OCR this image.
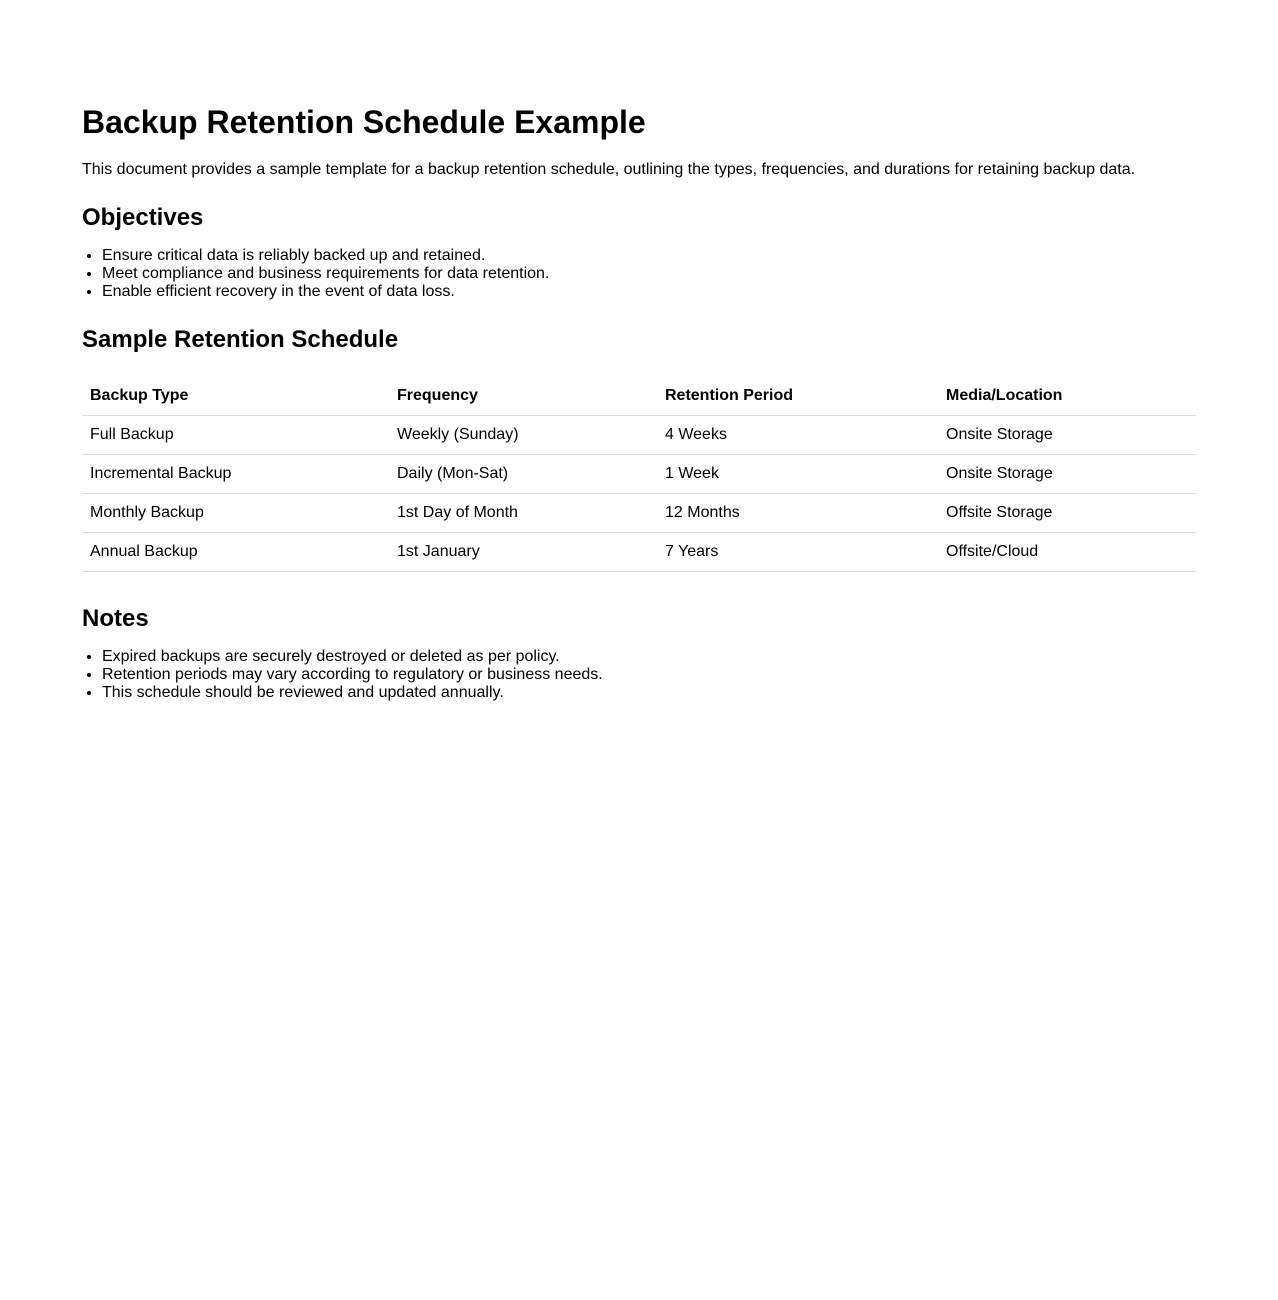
Backup Retention Schedule Example

This document provides a sample template for a backup retention schedule, outlining the types, frequencies, and durations for retaining backup data.

Objectives
• Ensure critical data is reliably backed up and retained.
• Meet compliance and business requirements for data retention.
• Enable efficient recovery in the event of data loss.
Sample Retention Schedule
Backup Type	Frequency	Retention Period	Media/Location
Full Backup	Weekly (Sunday)	4 Weeks	Onsite Storage
Incremental Backup	Daily (Mon-Sat)	1 Week	Onsite Storage
Monthly Backup	1st Day of Month	12 Months	Offsite Storage
Annual Backup	1st January	7 Years	Offsite/Cloud
Notes
• Expired backups are securely destroyed or deleted as per policy.
• Retention periods may vary according to regulatory or business needs.
• This schedule should be reviewed and updated annually.
